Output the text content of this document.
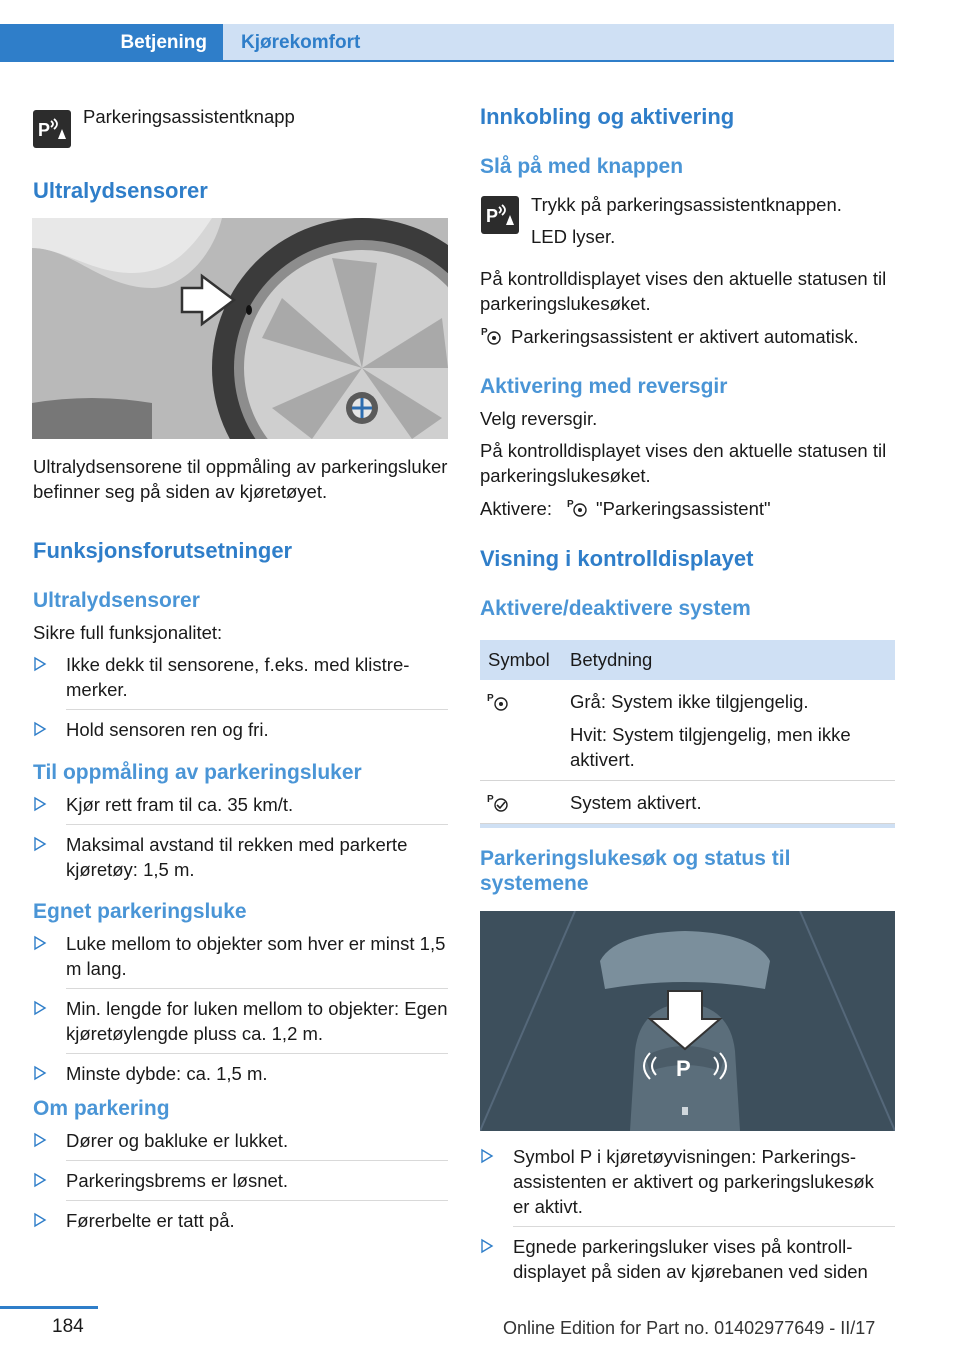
Betjening	Kjørekomfort
P
Parkeringsassistentknapp
Ultralydsensorer
Ultralydsensorene til oppmåling av parkeringsluker befinner seg på siden av kjøretøyet.
Funksjonsforutsetninger
Ultralydsensorer
Sikre full funksjonalitet:
Ikke dekk til sensorene, f.eks. med klistremerker.
Hold sensoren ren og fri.
Til oppmåling av parkeringsluker
Kjør rett fram til ca. 35 km/t.
Maksimal avstand til rekken med parkerte kjøretøy: 1,5 m.
Egnet parkeringsluke
Luke mellom to objekter som hver er minst 1,5 m lang.
Min. lengde for luken mellom to objekter: Egen kjøretøylengde pluss ca. 1,2 m.
Minste dybde: ca. 1,5 m.
Om parkering
Dører og bakluke er lukket.
Parkeringsbrems er løsnet.
Førerbelte er tatt på.
Innkobling og aktivering
Slå på med knappen
P
Trykk på parkeringsassistentknappen.
LED lyser.
På kontrolldisplayet vises den aktuelle statusen til parkeringslukesøket.
P Parkeringsassistent er aktivert automatisk.
Aktivering med reversgir
Velg reversgir.
På kontrolldisplayet vises den aktuelle statusen til parkeringslukesøket.
Aktivere: P "Parkeringsassistent"
Visning i kontrolldisplayet
Aktivere/deaktivere system
Symbol	Betydning
P	Grå: System ikke tilgjengelig.
Hvit: System tilgjengelig, men ikke aktivert.
P	System aktivert.
Parkeringslukesøk og status til systemene
P
Symbol P i kjøretøyvisningen: Parkeringsassistenten er aktivert og parkeringslukesøk er aktivt.
Egnede parkeringsluker vises på kontrolldisplayet på siden av kjørebanen ved siden
184	Online Edition for Part no. 01402977649 - II/17
